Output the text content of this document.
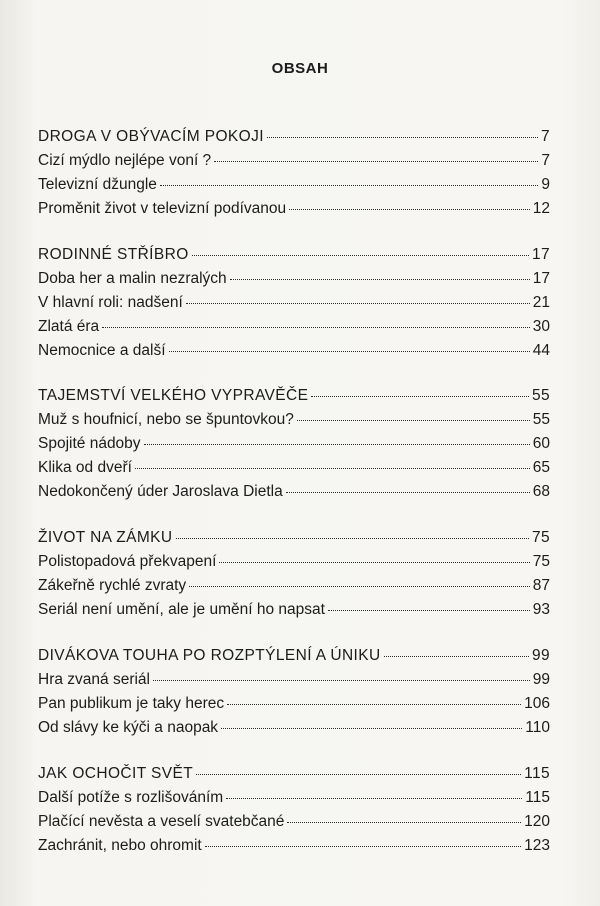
OBSAH
DROGA V OBÝVACÍM POKOJI	7
Cizí mýdlo nejlépe voní ?	7
Televizní džungle	9
Proměnit život v televizní podívanou	12
RODINNÉ STŘÍBRO	17
Doba her a malin nezralých	17
V hlavní roli: nadšení	21
Zlatá éra	30
Nemocnice a další	44
TAJEMSTVÍ VELKÉHO VYPRAVĚČE	55
Muž s houfnicí, nebo se špuntovkou?	55
Spojité nádoby	60
Klika od dveří	65
Nedokončený úder Jaroslava Dietla	68
ŽIVOT NA ZÁMKU	75
Polistopadová překvapení	75
Zákeřně rychlé zvraty	87
Seriál není umění, ale je umění ho napsat	93
DIVÁKOVA TOUHA PO ROZPTÝLENÍ A ÚNIKU	99
Hra zvaná seriál	99
Pan publikum je taky herec	106
Od slávy ke kýči a naopak	110
JAK OCHOČIT SVĚT	115
Další potíže s rozlišováním	115
Plačící nevěsta a veselí svatebčané	120
Zachránit, nebo ohromit	123
